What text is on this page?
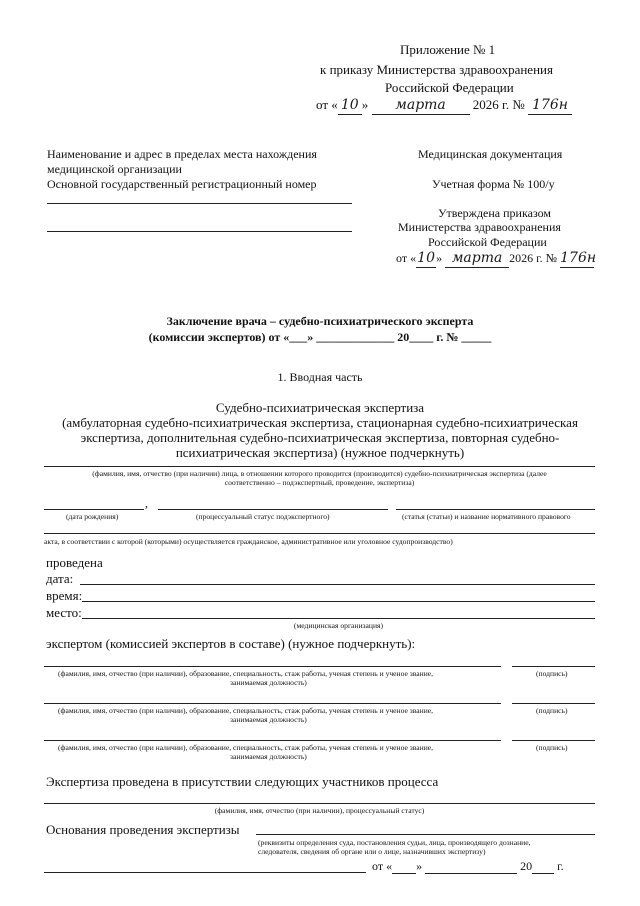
Приложение № 1
к приказу Министерства здравоохранения
Российской Федерации
от « 10 » марта 2026 г. № 176н
Наименование и адрес в пределах места нахождения
медицинской организации
Основной государственный регистрационный номер
Медицинская документация
Учетная форма № 100/у
Утверждена приказом
Министерства здравоохранения
Российской Федерации
от «10» марта 2026 г. № 176н
Заключение врача – судебно-психиатрического эксперта
(комиссии экспертов) от «___» _____________ 20____ г. № _____
1. Вводная часть
Судебно-психиатрическая экспертиза
(амбулаторная судебно-психиатрическая экспертиза, стационарная судебно-психиатрическая
экспертиза, дополнительная судебно-психиатрическая экспертиза, повторная судебно-
психиатрическая экспертиза) (нужное подчеркнуть)
(фамилия, имя, отчество (при наличии) лица, в отношении которого проводится (производится) судебно-психиатрическая экспертиза (далее
соответственно – подэкспертный, проведение, экспертиза)
,
(дата рождения)	(процессуальный статус подэкспертного)	(статья (статьи) и название нормативного правового
акта, в соответствии с которой (которыми) осуществляется гражданское, административное или уголовное судопроизводство)
проведена
дата:
время:
место:
(медицинская организация)
экспертом (комиссией экспертов в составе) (нужное подчеркнуть):
(фамилия, имя, отчество (при наличии), образование, специальность, стаж работы, ученая степень и ученое звание,
занимаемая должность)
(подпись)
(фамилия, имя, отчество (при наличии), образование, специальность, стаж работы, ученая степень и ученое звание,
занимаемая должность)
(подпись)
(фамилия, имя, отчество (при наличии), образование, специальность, стаж работы, ученая степень и ученое звание,
занимаемая должность)
(подпись)
Экспертиза проведена в присутствии следующих участников процесса
(фамилия, имя, отчество (при наличии), процессуальный статус)
Основания проведения экспертизы
(реквизиты определения суда, постановления судьи, лица, производящего дознание,
следователя, сведения об органе или о лице, назначивших экспертизу)
от « »	20 г.
